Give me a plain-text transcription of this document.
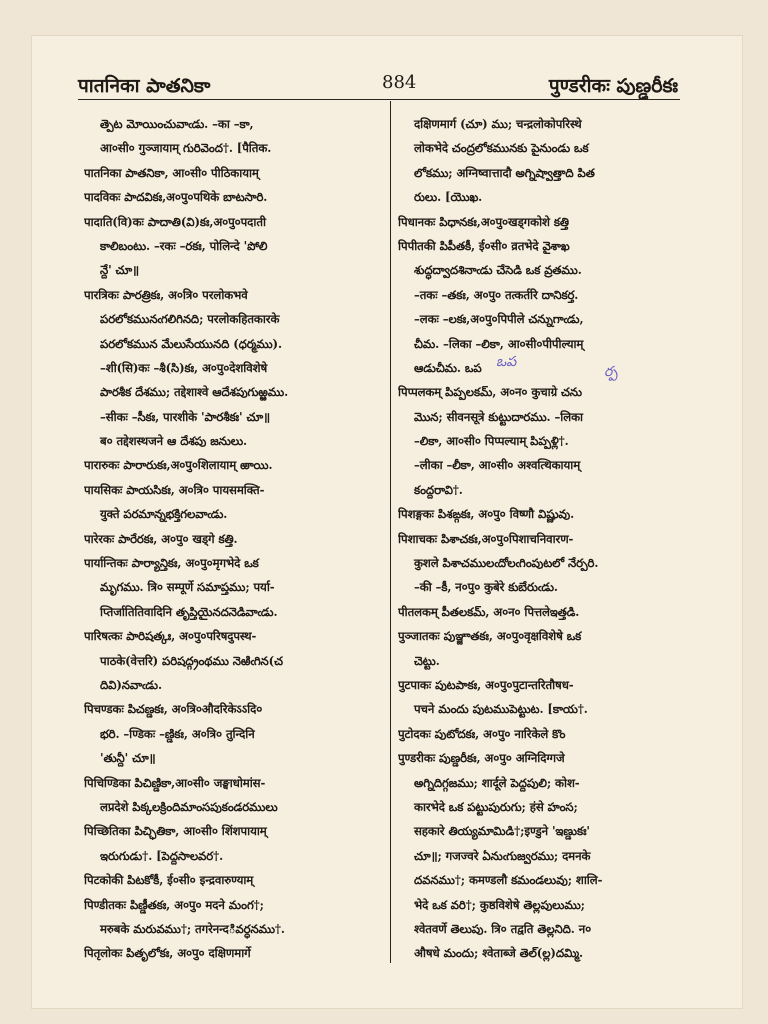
पातनिका పాతనికా	884	पुण्डरीकः పుణ్డరీకః
త్పెట మోయించువాఁడు. –का –కా,
आ०सी० गुञ्जायाम् గురివెంద†. [पैतिक.
पातनिका పాతనికా, आ०सी० पीठिकायाम्
पादविकः పాదవికః,अ०पु०पथिके బాటసారి.
पादाति(वि)कः పాదాతి(వి)కః,अ०पु०पदाती
కాలిబంటు. –रकः –రకః, पोलिन्दे 'పోలి
న్దే' చూ॥
पारत्रिकः పారత్రికః, अ०त्रि० परलोकभवे
పరలోకమునఁగలిగినది; परलोकहितकारके
పరలోకమున మేలుసేయునది (ధర్మము).
–शी(सि)कः –శీ(సి)కః, अ०पु०देशविशेषे
పారశీక దేశము; तद्देशाश्वे ఆదేశపుగుఱ్ఱము.
–सीकः –సీకః, पारशीके 'పారశీకః' చూ॥
ब० तद्देशस्थजने ఆ దేశపు జనులు.
पारारुकः పారారుకః,अ०पु०शिलायाम् ఱాయి.
पायसिकः పాయసికః, अ०त्रि० पायसमक्ति-
युक्ते పరమాన్నభక్తిగలవాఁడు.
पारेरकः పారేరకః, अ०पु० खड्गे కత్తి.
पार्यान्तिकः పార్యాన్తికః, अ०पु०मृगभेदे ఒక
మృగము. त्रि० सम्पूर्णे సమాప్తము; पर्या-
प्तिर्जातितिवादिनि తృప్తియైనదనెడివాఁడు.
पारिषत्कः పారిషత్కః, अ०पु०परिषदुपस्थ-
पाठके(वेत्तरि) పరిషద్గ్రంథము నెఱిఁగిన(చ
దివి)నవాఁడు.
पिचण्डकः పిచణ్డకః, अ०त्रि०औदरिकेऽऽदि०
భరి. –ण्डिकः –ణ్డికః, अ०त्रि० तुन्दिनि
'తున్దీ' చూ॥
पिचिण्डिका పిచిణ్డికా,आ०सी० जङ्घाधोमांस-
लप्रदेशे పిక్కలక్రిందిమాంసపుకండరములు
पिच्छितिका పిచ్ఛితికా, आ०सी० शिंशपायाम्
ఇరుగుడు†. [పెద్దసాలవర†.
पिटकोकी పిటకోకీ, ई०सी० इन्द्रवारुण्याम्
पिण्डीतकः పిణ్డీతకః, अ०पु० मदने మంగ†;
मरुबके మరువము†; तगरेनन्दివర్ధనము†.
पितृलोकः పితృలోకః, अ०पु० दक्षिणमार्गे
दक्षिणमार्ग (చూ) ము; चन्द्रलोकोपरिस्थे
लोकभेदे చంద్రలోకమునకు పైనుండు ఒక
లోకము; अग्निष्वात्तादौ అగ్నిష్వాత్తాది పిత
రులు. [యొఖ.
पिधानकः పిధానకః,अ०पु०खड्गकोशे కత్తి
पिपीतकी పిపీతకీ, ई०सी० व्रतभेदे వైశాఖ
శుద్ధద్వాదశినాఁడు చేసెడి ఒక వ్రతము.
–तकः –తకః, अ०पु० तत्कर्तरि దానికర్త.
–लकः –లకః,अ०पु०पिपीले చన్నుగాఁడు,
చీమ. –लिका –లికా, आ०सी०पीपील्याम्
ఆడుచీమ. ఒప
पिप्पलकम् పిప్పలకమ్, अ०न० कुचाग्रे చను
మొన; सीवनसूत्रे కుట్టుదారము. –लिका
–లికా, आ०सी० पिप्पल्याम् పిప్పళ్లి†.
–लीका –లీకా, आ०सी० अश्वत्थिकायाम्
కంద్దరావి†.
पिशङ्गकः పిశఙ్గకః, अ०पु० विष्णौ విష్ణువు.
पिशाचकः పిశాచకః,अ०पु०पिशाचनिवारण-
कुशले పిశాచములఁదోలఁగింపుటలో నేర్పరి.
–की –కీ, न०पु० कुबेरे కుబేరుఁడు.
पीतलकम् పీతలకమ్, अ०न० पित्तलेఇత్తడి.
पुञ्जातकः పుఞ్జాతకః, अ०पु०वृक्षविशेषे ఒక
చెట్టు.
पुटपाकः పుటపాకః, अ०पु०पुटान्तरितौषध-
पचने మందు పుటముపెట్టుట. [కాయ†.
पुटोदकः పుటోదకః, अ०पु० नारिकेले కొం
पुण्डरीकः పుణ్డరీకః, अ०पु० अग्निदिग्गजे
అగ్నిదిగ్గజము; शार्दूले పెద్దపులి; कोश-
कारभेदे ఒక పట్టుపురుగు; हंसे హంస;
सहकारे తియ్యమామిడి†;इण्डुने 'ఇణ్డుకః'
చూ॥; गजज्वरे ఏనుఁగుజ్వరము; दमनके
దవనము†; कमण्डलौ కమండలువు; शालि-
भेदे ఒక వరి†; कुष्ठविशेषे తెల్లపులుము;
श्वेतवर्णे తెలుపు. त्रि० तद्वति తెల్లనిది. न०
औषधे మందు; श्वेताब्जे తెల్(ల్ల)దమ్మి.
ఒప
ర్ప
